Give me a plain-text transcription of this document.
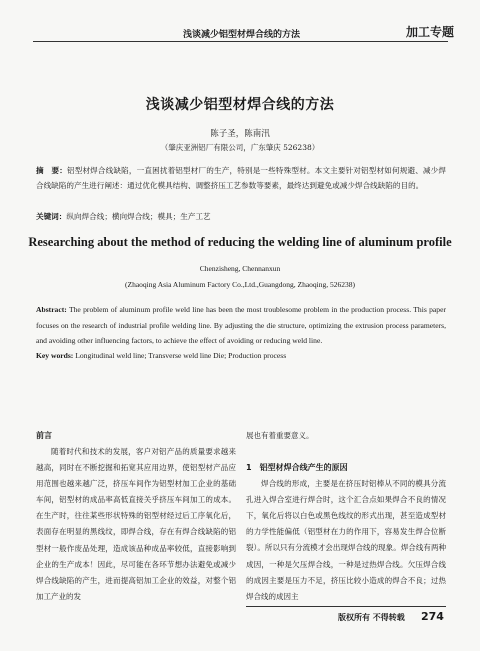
浅谈减少铝型材焊合线的方法	加工专题
浅谈减少铝型材焊合线的方法
陈子圣，陈南汛
（肇庆亚洲铝厂有限公司，广东肇庆 526238）
摘　要：铝型材焊合线缺陷，一直困扰着铝型材厂的生产，特别是一些特殊型材。本文主要针对铝型材如何规避、减少焊合线缺陷的产生进行阐述：通过优化模具结构、调整挤压工艺参数等要素，最终达到避免或减少焊合线缺陷的目的。
关键词：纵向焊合线；横向焊合线；模具；生产工艺
Researching about the method of reducing the welding line of aluminum profile
Chenzisheng, Chennanxun
(Zhaoqing Asia Aluminum Factory Co.,Ltd.,Guangdong, Zhaoqing, 526238)
Abstract: The problem of aluminum profile weld line has been the most troublesome problem in the production process. This paper focuses on the research of industrial profile welding line. By adjusting the die structure, optimizing the extrusion process parameters, and avoiding other influencing factors, to achieve the effect of avoiding or reducing weld line.
Key words: Longitudinal weld line; Transverse weld line Die; Production process
前言

随着时代和技术的发展，客户对铝产品的质量要求越来越高，同时在不断挖掘和拓宽其应用边界，使铝型材产品应用范围也越来越广泛，挤压车间作为铝型材加工企业的基础车间，铝型材的成品率高低直接关乎挤压车间加工的成本。在生产时，往往某些形状特殊的铝型材经过后工序氧化后，表面存在明显的黑线纹，即焊合线，存在有焊合线缺陷的铝型材一般作废品处理，造成该品种成品率较低，直接影响到企业的生产成本！因此，尽可能在各环节想办法避免或减少焊合线缺陷的产生，进而提高铝加工企业的效益，对整个铝加工产业的发

展也有着重要意义。

1　铝型材焊合线产生的原因

焊合线的形成，主要是在挤压时铝棒从不同的模具分流孔进入焊合室进行焊合时，这个汇合点如果焊合不良的情况下，氧化后将以白色或黑色线纹的形式出现，甚至造成型材的力学性能偏低（铝型材在力的作用下，容易发生焊合位断裂）。所以只有分流模才会出现焊合线的现象。焊合线有两种成因，一种是欠压焊合线，一种是过热焊合线。欠压焊合线的成因主要是压力不足，挤压比较小造成的焊合不良；过热焊合线的成因主

版权所有 不得转载 274
